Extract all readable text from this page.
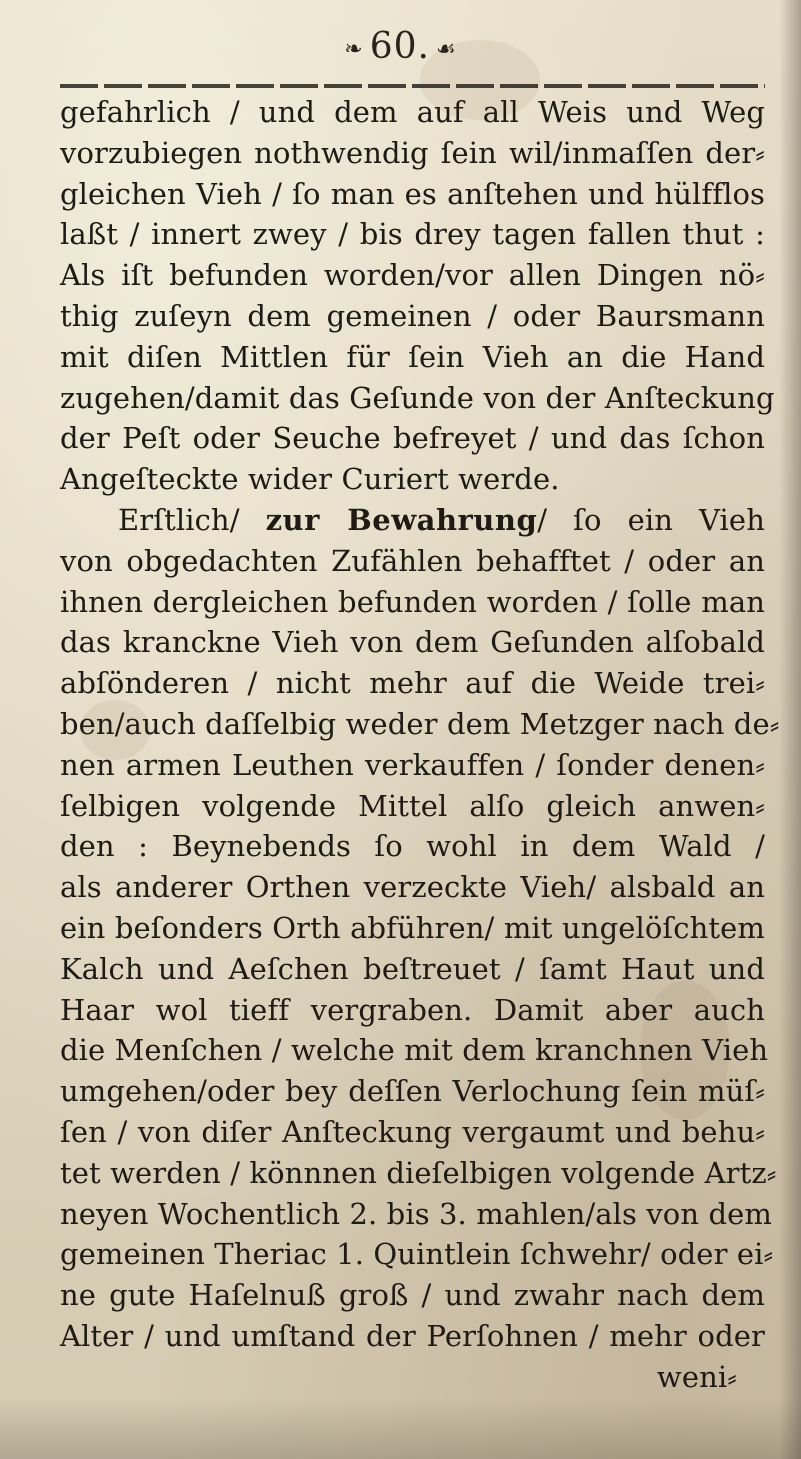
❧ 60. ☙
gefahrlich / und dem auf all Weis und Weg
vorzubiegen nothwendig ſein wil/inmaſſen der⸗
gleichen Vieh / ſo man es anſtehen und hülfflos
laßt / innert zwey / bis drey tagen fallen thut :
Als iſt befunden worden/vor allen Dingen nö⸗
thig zuſeyn dem gemeinen / oder Baursmann
mit diſen Mittlen für ſein Vieh an die Hand
zugehen/damit das Geſunde von der Anſteckung
der Peſt oder Seuche befreyet / und das ſchon
Angeſteckte wider Curiert werde.
Erſtlich/ zur Bewahrung/ ſo ein Vieh
von obgedachten Zufählen behafftet / oder an
ihnen dergleichen befunden worden / ſolle man
das kranckne Vieh von dem Geſunden alſobald
abſönderen / nicht mehr auf die Weide trei⸗
ben/auch daſſelbig weder dem Metzger nach de⸗
nen armen Leuthen verkauffen / ſonder denen⸗
ſelbigen volgende Mittel alſo gleich anwen⸗
den : Beynebends ſo wohl in dem Wald /
als anderer Orthen verzeckte Vieh/ alsbald an
ein beſonders Orth abführen/ mit ungelöſchtem
Kalch und Aeſchen beſtreuet / ſamt Haut und
Haar wol tieff vergraben. Damit aber auch
die Menſchen / welche mit dem kranchnen Vieh
umgehen/oder bey deſſen Verlochung ſein müſ⸗
ſen / von diſer Anſteckung vergaumt und behu⸗
tet werden / könnnen dieſelbigen volgende Artz⸗
neyen Wochentlich 2. bis 3. mahlen/als von dem
gemeinen Theriac 1. Quintlein ſchwehr/ oder ei⸗
ne gute Haſelnuß groß / und zwahr nach dem
Alter / und umſtand der Perſohnen / mehr oder
weni⸗
